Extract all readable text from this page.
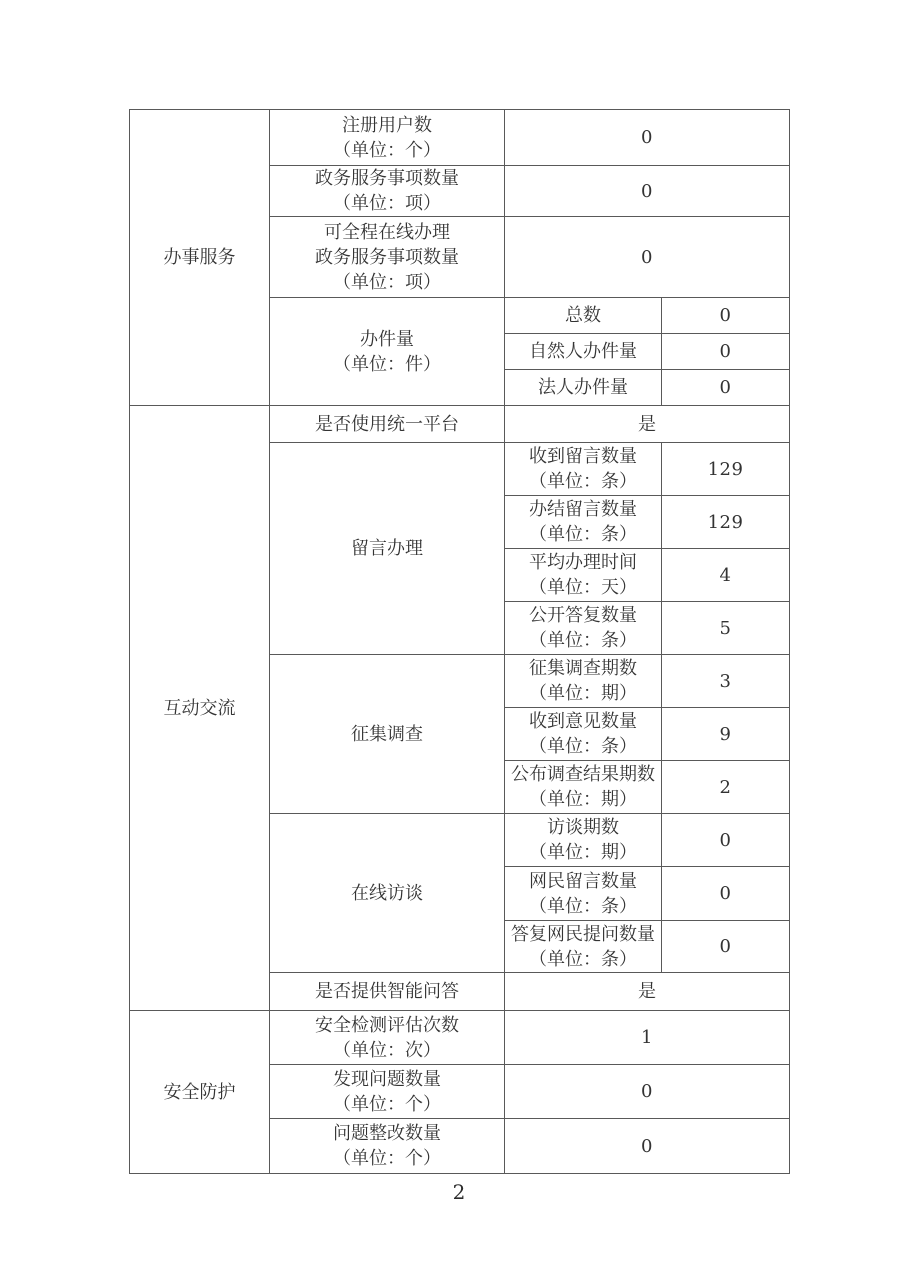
办事服务	注册用户数
（单位：个）	0	

	政务服务事项数量
（单位：项）	0	

	可全程在线办理
政务服务事项数量
（单位：项）	0	

	办件量
（单位：件）	总数	0

		自然人办件量	0

		法人办件量	0

互动交流	是否使用统一平台	是	

	留言办理	收到留言数量
（单位：条）	129

		办结留言数量
（单位：条）	129

		平均办理时间
（单位：天）	4

		公开答复数量
（单位：条）	5

	征集调查	征集调查期数
（单位：期）	3

		收到意见数量
（单位：条）	9

		公布调查结果期数
（单位：期）	2

	在线访谈	访谈期数
（单位：期）	0

		网民留言数量
（单位：条）	0

		答复网民提问数量
（单位：条）	0

	是否提供智能问答	是	

安全防护	安全检测评估次数
（单位：次）	1	

	发现问题数量
（单位：个）	0	

	问题整改数量
（单位：个）	0	
2
